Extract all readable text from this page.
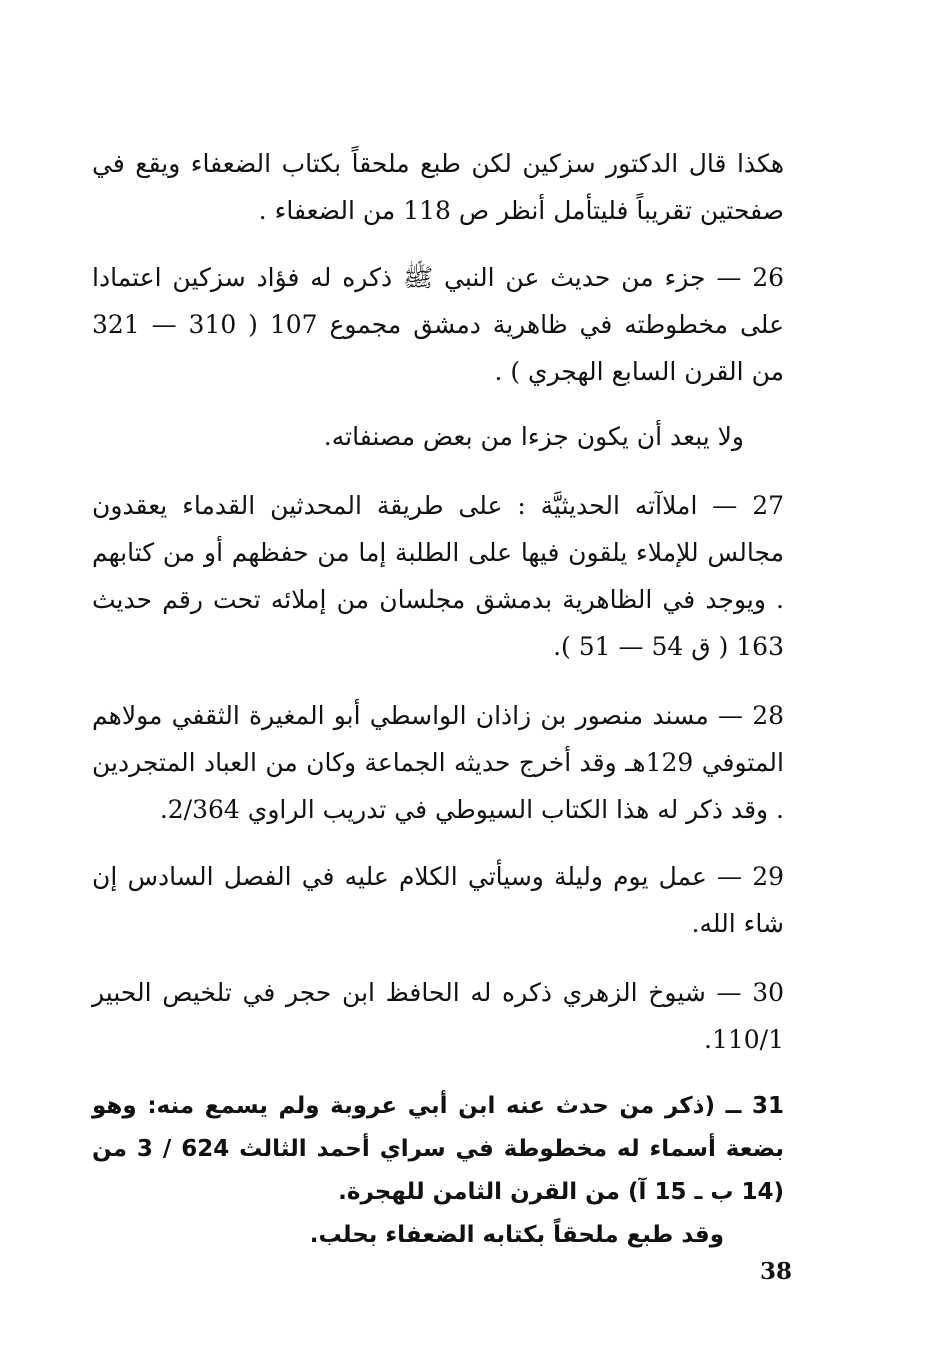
هكذا قال الدكتور سزكين لكن طبع ملحقاً بكتاب الضعفاء ويقع في صفحتين تقريباً فليتأمل أنظر ص 118 من الضعفاء .

26 — جزء من حديث عن النبي ﷺ ذكره له فؤاد سزكين اعتمادا على مخطوطته في ظاهرية دمشق مجموع 107 ( 310 — 321 من القرن السابع الهجري ) .

ولا يبعد أن يكون جزءا من بعض مصنفاته.

27 — املاآته الحديثيَّة : على طريقة المحدثين القدماء يعقدون مجالس للإملاء يلقون فيها على الطلبة إما من حفظهم أو من كتابهم . ويوجد في الظاهرية بدمشق مجلسان من إملائه تحت رقم حديث 163 ( ق 54 — 51 ).

28 — مسند منصور بن زاذان الواسطي أبو المغيرة الثقفي مولاهم المتوفي 129هـ وقد أخرج حديثه الجماعة وكان من العباد المتجردين . وقد ذكر له هذا الكتاب السيوطي في تدريب الراوي 2/364.

29 — عمل يوم وليلة وسيأتي الكلام عليه في الفصل السادس إن شاء الله.

30 — شيوخ الزهري ذكره له الحافظ ابن حجر في تلخيص الحبير 110/1.

31 ــ (ذكر من حدث عنه ابن أبي عروبة ولم يسمع منه: وهو بضعة أسماء له مخطوطة في سراي أحمد الثالث 624 / 3 من (14 ب ـ 15 آ) من القرن الثامن للهجرة.

وقد طبع ملحقاً بكتابه الضعفاء بحلب.

38
